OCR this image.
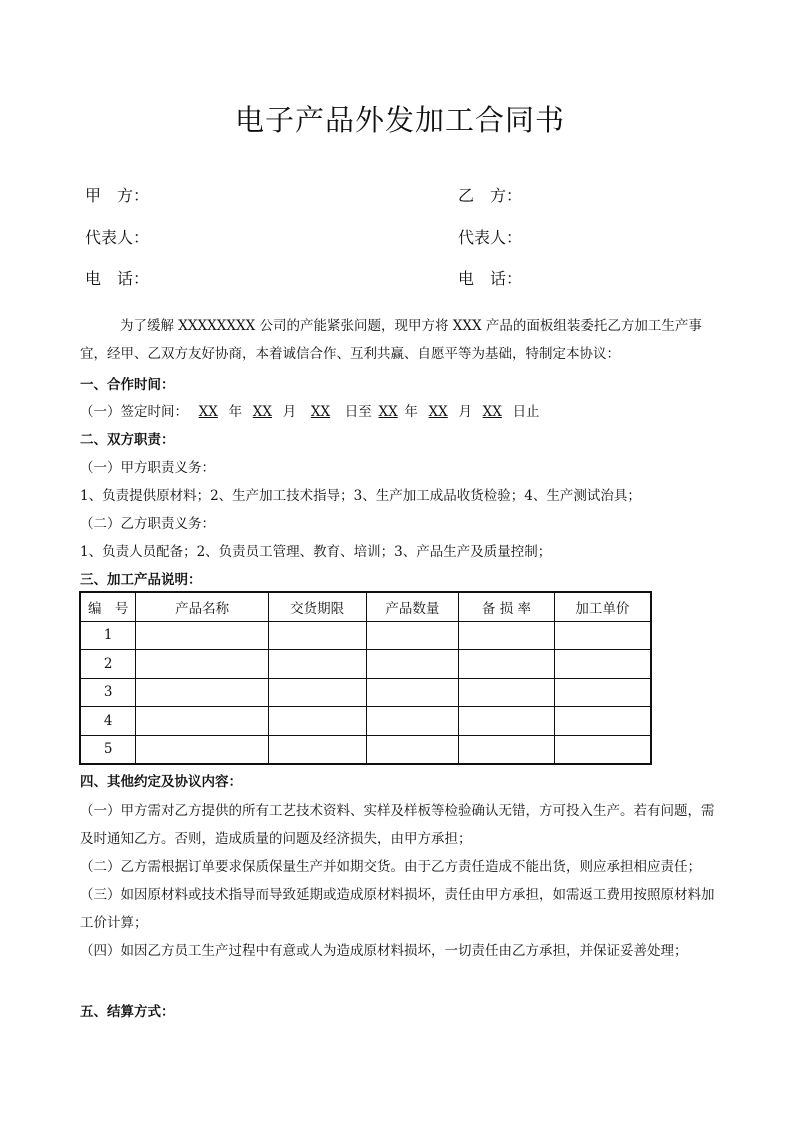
电子产品外发加工合同书
甲　方：	乙　方：
代表人：	代表人：
电　话：	电　话：
为了缓解 XXXXXXXX 公司的产能紧张问题，现甲方将 XXX 产品的面板组装委托乙方加工生产事宜，经甲、乙双方友好协商，本着诚信合作、互利共赢、自愿平等为基础，特制定本协议：
一、合作时间：
（一）签定时间： XX 年 XX 月 XX 日至 XX 年 XX 月 XX 日止
二、双方职责：
（一）甲方职责义务：
1、负责提供原材料；2、生产加工技术指导；3、生产加工成品收货检验；4、生产测试治具；
（二）乙方职责义务：
1、负责人员配备；2、负责员工管理、教育、培训；3、产品生产及质量控制；
三、加工产品说明：
编　号	产品名称	交货期限	产品数量	备 损 率	加工单价
1					
2					
3					
4					
5					
四、其他约定及协议内容：
（一）甲方需对乙方提供的所有工艺技术资料、实样及样板等检验确认无错，方可投入生产。若有问题，需及时通知乙方。否则，造成质量的问题及经济损失，由甲方承担；
（二）乙方需根据订单要求保质保量生产并如期交货。由于乙方责任造成不能出货，则应承担相应责任；
（三）如因原材料或技术指导而导致延期或造成原材料损坏，责任由甲方承担，如需返工费用按照原材料加工价计算；
（四）如因乙方员工生产过程中有意或人为造成原材料损坏，一切责任由乙方承担，并保证妥善处理；
五、结算方式：
